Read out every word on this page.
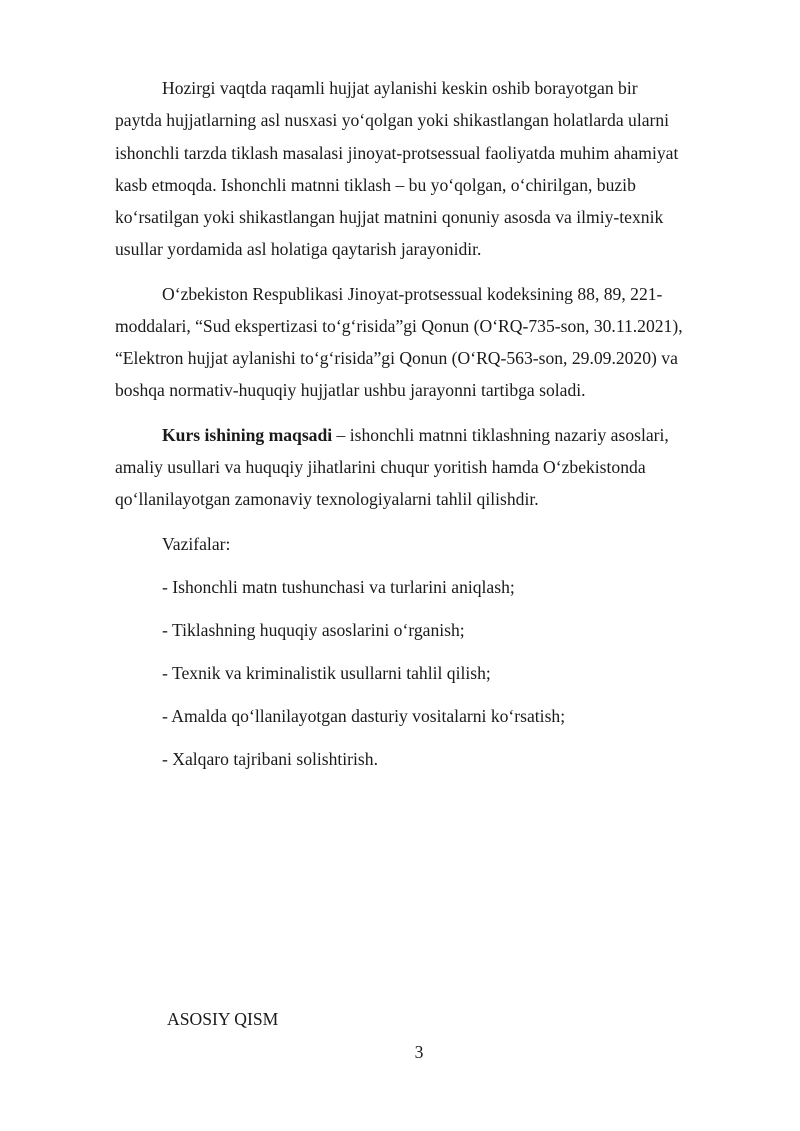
Hozirgi vaqtda raqamli hujjat aylanishi keskin oshib borayotgan bir
paytda hujjatlarning asl nusxasi yo‘qolgan yoki shikastlangan holatlarda ularni
ishonchli tarzda tiklash masalasi jinoyat-protsessual faoliyatda muhim ahamiyat
kasb etmoqda. Ishonchli matnni tiklash – bu yo‘qolgan, o‘chirilgan, buzib
ko‘rsatilgan yoki shikastlangan hujjat matnini qonuniy asosda va ilmiy-texnik
usullar yordamida asl holatiga qaytarish jarayonidir.
O‘zbekiston Respublikasi Jinoyat-protsessual kodeksining 88, 89, 221-
moddalari, “Sud ekspertizasi to‘g‘risida”gi Qonun (O‘RQ-735-son, 30.11.2021),
“Elektron hujjat aylanishi to‘g‘risida”gi Qonun (O‘RQ-563-son, 29.09.2020) va
boshqa normativ-huquqiy hujjatlar ushbu jarayonni tartibga soladi.
Kurs ishining maqsadi – ishonchli matnni tiklashning nazariy asoslari,
amaliy usullari va huquqiy jihatlarini chuqur yoritish hamda O‘zbekistonda
qo‘llanilayotgan zamonaviy texnologiyalarni tahlil qilishdir.
Vazifalar:
- Ishonchli matn tushunchasi va turlarini aniqlash;
- Tiklashning huquqiy asoslarini o‘rganish;
- Texnik va kriminalistik usullarni tahlil qilish;
- Amalda qo‘llanilayotgan dasturiy vositalarni ko‘rsatish;
- Xalqaro tajribani solishtirish.
ASOSIY QISM
3
